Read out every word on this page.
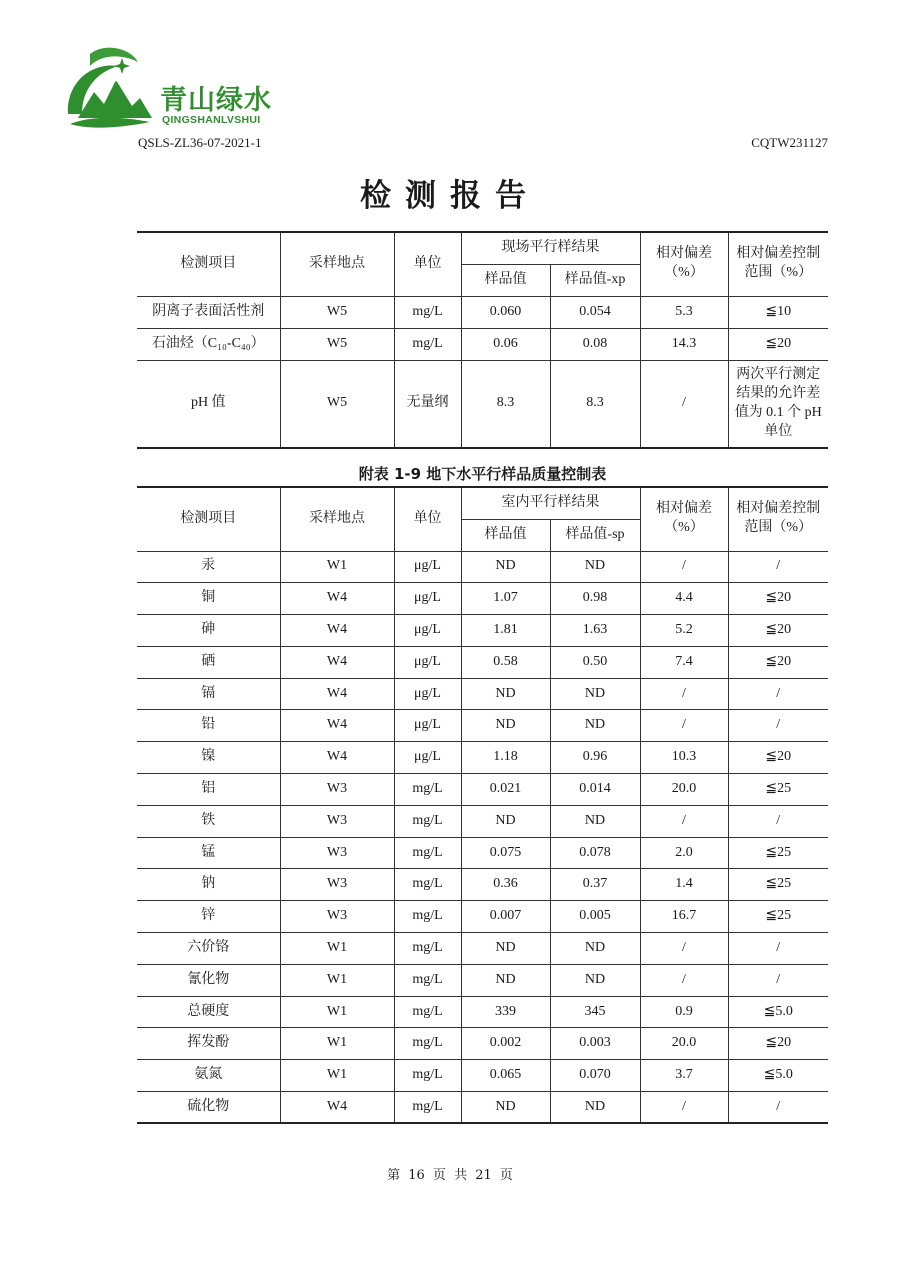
青山绿水
QINGSHANLVSHUI
QSLS-ZL36-07-2021-1	CQTW231127
检测报告
检测项目	采样地点	单位	现场平行样结果		相对偏差（%）	相对偏差控制范围（%）
			样品值	样品值-xp		
阴离子表面活性剂	W5	mg/L	0.060	0.054	5.3	≦10
石油烃（C₁₀-C₄₀）	W5	mg/L	0.06	0.08	14.3	≦20
pH 值	W5	无量纲	8.3	8.3	/	两次平行测定结果的允许差值为 0.1 个 pH 单位
附表 1-9 地下水平行样品质量控制表
检测项目	采样地点	单位	室内平行样结果		相对偏差（%）	相对偏差控制范围（%）
			样品值	样品值-sp		
汞	W1	μg/L	ND	ND	/	/
铜	W4	μg/L	1.07	0.98	4.4	≦20
砷	W4	μg/L	1.81	1.63	5.2	≦20
硒	W4	μg/L	0.58	0.50	7.4	≦20
镉	W4	μg/L	ND	ND	/	/
铅	W4	μg/L	ND	ND	/	/
镍	W4	μg/L	1.18	0.96	10.3	≦20
铝	W3	mg/L	0.021	0.014	20.0	≦25
铁	W3	mg/L	ND	ND	/	/
锰	W3	mg/L	0.075	0.078	2.0	≦25
钠	W3	mg/L	0.36	0.37	1.4	≦25
锌	W3	mg/L	0.007	0.005	16.7	≦25
六价铬	W1	mg/L	ND	ND	/	/
氰化物	W1	mg/L	ND	ND	/	/
总硬度	W1	mg/L	339	345	0.9	≦5.0
挥发酚	W1	mg/L	0.002	0.003	20.0	≦20
氨氮	W1	mg/L	0.065	0.070	3.7	≦5.0
硫化物	W4	mg/L	ND	ND	/	/
第 16 页 共 21 页
